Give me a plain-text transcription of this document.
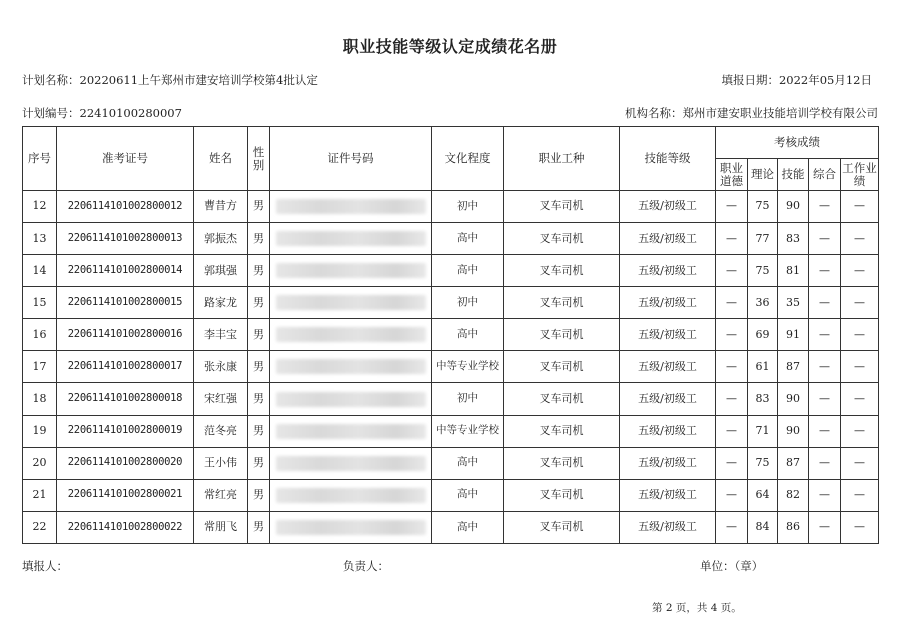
职业技能等级认定成绩花名册
计划名称：20220611上午郑州市建安培训学校第4批认定	填报日期：2022年05月12日
计划编号：22410100280007	机构名称：郑州市建安职业技能培训学校有限公司
序号	准考证号	姓名	性别	证件号码	文化程度	职业工种	技能等级	考核成绩				
								职业道德	理论	技能	综合	工作业绩
12	2206114101002800012	曹昔方	男		初中	叉车司机	五级/初级工	—	75	90	—	—
13	2206114101002800013	郭振杰	男		高中	叉车司机	五级/初级工	—	77	83	—	—
14	2206114101002800014	郭琪强	男		高中	叉车司机	五级/初级工	—	75	81	—	—
15	2206114101002800015	路家龙	男		初中	叉车司机	五级/初级工	—	36	35	—	—
16	2206114101002800016	李丰宝	男		高中	叉车司机	五级/初级工	—	69	91	—	—
17	2206114101002800017	张永康	男		中等专业学校	叉车司机	五级/初级工	—	61	87	—	—
18	2206114101002800018	宋红强	男		初中	叉车司机	五级/初级工	—	83	90	—	—
19	2206114101002800019	范冬亮	男		中等专业学校	叉车司机	五级/初级工	—	71	90	—	—
20	2206114101002800020	王小伟	男		高中	叉车司机	五级/初级工	—	75	87	—	—
21	2206114101002800021	常红亮	男		高中	叉车司机	五级/初级工	—	64	82	—	—
22	2206114101002800022	常朋飞	男		高中	叉车司机	五级/初级工	—	84	86	—	—
填报人：	负责人：	单位：（章）
第 2 页，共 4 页。
